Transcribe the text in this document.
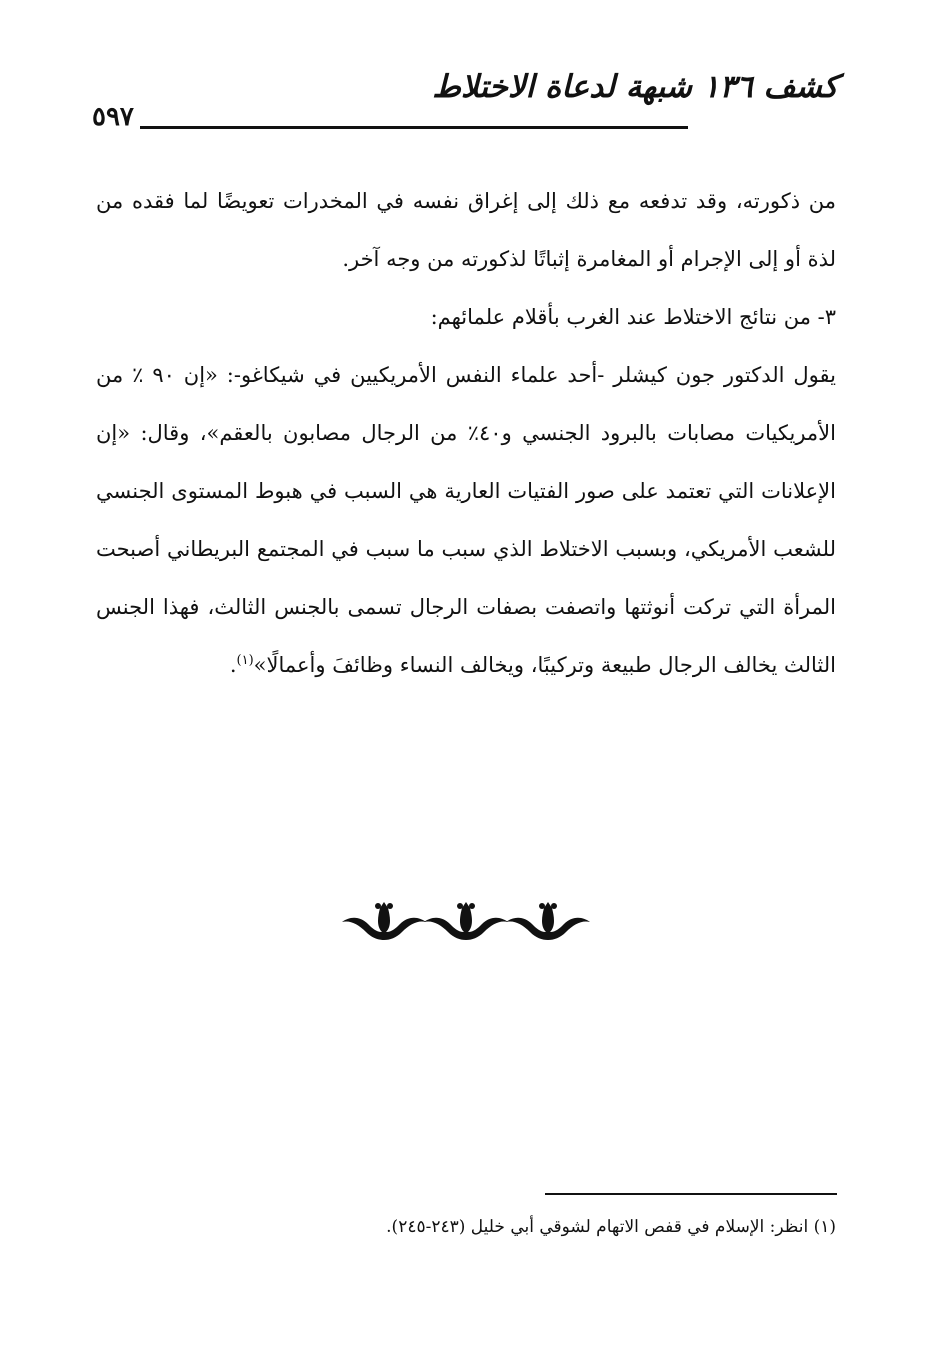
٥٩٧
كشف ١٣٦ شبهة لدعاة الاختلاط

من ذكورته، وقد تدفعه مع ذلك إلى إغراق نفسه في المخدرات تعويضًا لما فقده من لذة أو إلى الإجرام أو المغامرة إثباتًا لذكورته من وجه آخر.

٣- من نتائج الاختلاط عند الغرب بأقلام علمائهم:

يقول الدكتور جون كيشلر -أحد علماء النفس الأمريكيين في شيكاغو-: «إن ٩٠ ٪ من الأمريكيات مصابات بالبرود الجنسي و٤٠٪ من الرجال مصابون بالعقم»، وقال: «إن الإعلانات التي تعتمد على صور الفتيات العارية هي السبب في هبوط المستوى الجنسي للشعب الأمريكي، وبسبب الاختلاط الذي سبب ما سبب في المجتمع البريطاني أصبحت المرأة التي تركت أنوثتها واتصفت بصفات الرجال تسمى بالجنس الثالث، فهذا الجنس الثالث يخالف الرجال طبيعة وتركيبًا، ويخالف النساء وظائفَ وأعمالًا»$^{(١)}$.

(١) انظر: الإسلام في قفص الاتهام لشوقي أبي خليل (٢٤٣-٢٤٥).
